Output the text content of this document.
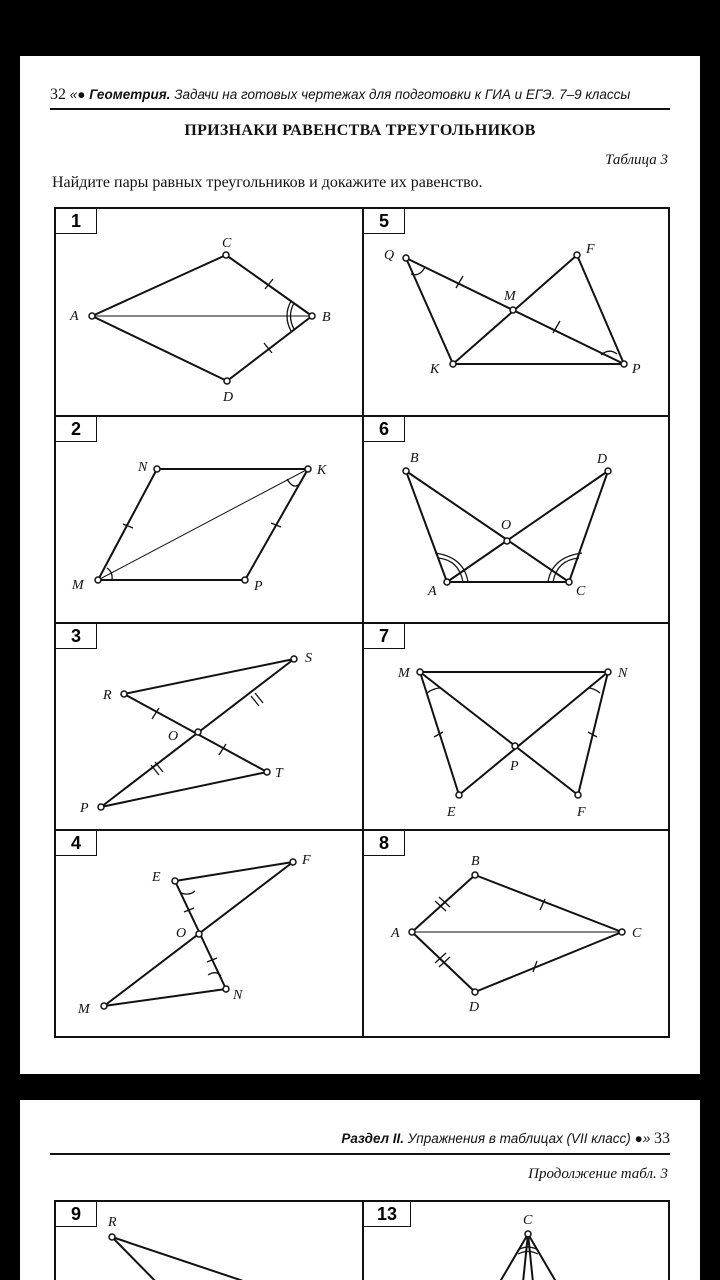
32 «● Геометрия. Задачи на готовых чертежах для подготовки к ГИА и ЕГЭ. 7–9 классы
ПРИЗНАКИ РАВЕНСТВА ТРЕУГОЛЬНИКОВ
Таблица 3
Найдите пары равных треугольников и докажите их равенство.
A	B
C
D
1
Q	F
M
K	P
5
N	K
M	P
2
B	D
O
A	C
6
S
R
O
T
P
3
M	N
P
E	F
7
E
F
O
N
M
4
B
A	C
D
8
Раздел II. Упражнения в таблицах (VII класс) ●» 33
Продолжение табл. 3
R
9	C
13
